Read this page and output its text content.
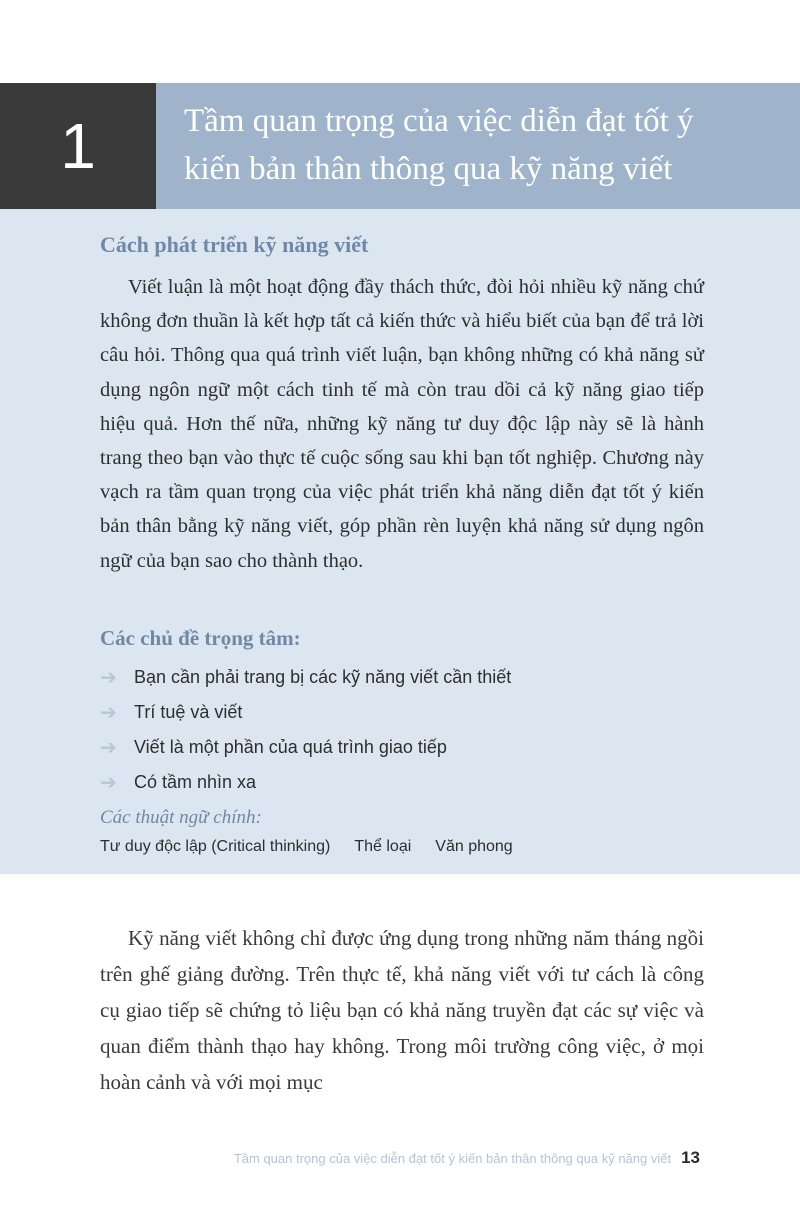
1	Tầm quan trọng của việc diễn đạt tốt ý
kiến bản thân thông qua kỹ năng viết
Cách phát triển kỹ năng viết

Viết luận là một hoạt động đầy thách thức, đòi hỏi nhiều kỹ năng chứ không đơn thuần là kết hợp tất cả kiến thức và hiểu biết của bạn để trả lời câu hỏi. Thông qua quá trình viết luận, bạn không những có khả năng sử dụng ngôn ngữ một cách tinh tế mà còn trau dồi cả kỹ năng giao tiếp hiệu quả. Hơn thế nữa, những kỹ năng tư duy độc lập này sẽ là hành trang theo bạn vào thực tế cuộc sống sau khi bạn tốt nghiệp. Chương này vạch ra tầm quan trọng của việc phát triển khả năng diễn đạt tốt ý kiến bản thân bằng kỹ năng viết, góp phần rèn luyện khả năng sử dụng ngôn ngữ của bạn sao cho thành thạo.

Các chủ đề trọng tâm:
➔ Bạn cần phải trang bị các kỹ năng viết cần thiết
➔ Trí tuệ và viết
➔ Viết là một phần của quá trình giao tiếp
➔ Có tầm nhìn xa
Các thuật ngữ chính:
Tư duy độc lập (Critical thinking) Thể loại Văn phong

Kỹ năng viết không chỉ được ứng dụng trong những năm tháng ngồi trên ghế giảng đường. Trên thực tế, khả năng viết với tư cách là công cụ giao tiếp sẽ chứng tỏ liệu bạn có khả năng truyền đạt các sự việc và quan điểm thành thạo hay không. Trong môi trường công việc, ở mọi hoàn cảnh và với mọi mục

Tầm quan trọng của việc diễn đạt tốt ý kiến bản thân thông qua kỹ năng viết 13
